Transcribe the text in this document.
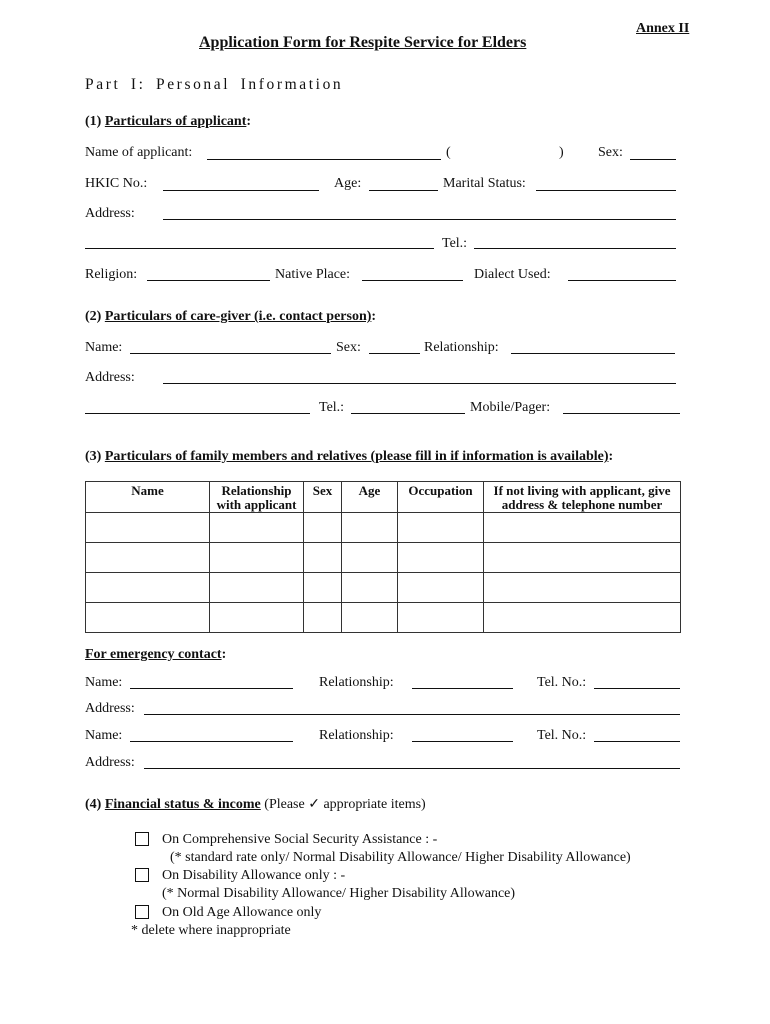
Annex II
Application Form for Respite Service for Elders
Part I: Personal Information
(1) Particulars of applicant:
Name of applicant:	(	) Sex:
HKIC No.:	Age:	Marital Status:
Address:
Tel.:
Religion:	Native Place:	Dialect Used:
(2) Particulars of care-giver (i.e. contact person):
Name:	Sex:	Relationship:
Address:
Tel.:	Mobile/Pager:
(3) Particulars of family members and relatives (please fill in if information is available):
Name	Relationship with applicant	Sex	Age	Occupation	If not living with applicant, give address & telephone number

For emergency contact:
Name:	Relationship:	Tel. No.:
Address:
Name:	Relationship:	Tel. No.:
Address:
(4) Financial status & income (Please ✓ appropriate items)
On Comprehensive Social Security Assistance : -
(* standard rate only/ Normal Disability Allowance/ Higher Disability Allowance)
On Disability Allowance only : -
(* Normal Disability Allowance/ Higher Disability Allowance)
On Old Age Allowance only
* delete where inappropriate
